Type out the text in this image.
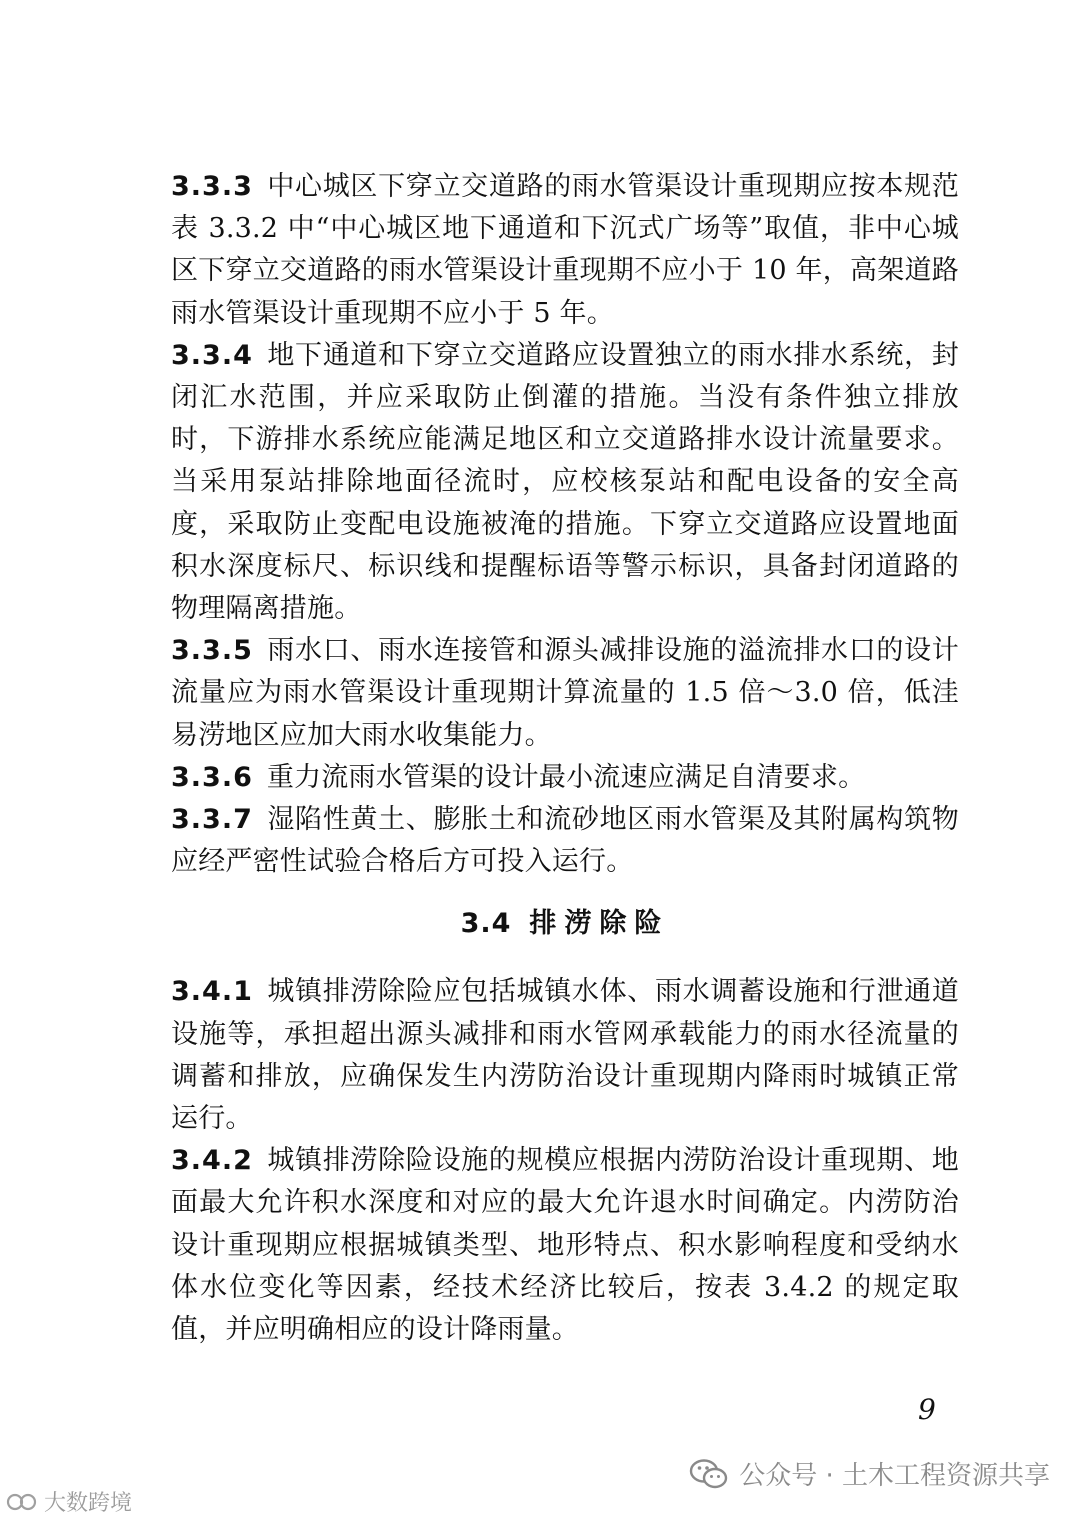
3.3.3 中心城区下穿立交道路的雨水管渠设计重现期应按本规范表 3.3.2 中“中心城区地下通道和下沉式广场等”取值，非中心城区下穿立交道路的雨水管渠设计重现期不应小于 10 年，高架道路雨水管渠设计重现期不应小于 5 年。

3.3.4 地下通道和下穿立交道路应设置独立的雨水排水系统，封闭汇水范围，并应采取防止倒灌的措施。当没有条件独立排放时，下游排水系统应能满足地区和立交道路排水设计流量要求。当采用泵站排除地面径流时，应校核泵站和配电设备的安全高度，采取防止变配电设施被淹的措施。下穿立交道路应设置地面积水深度标尺、标识线和提醒标语等警示标识，具备封闭道路的物理隔离措施。

3.3.5 雨水口、雨水连接管和源头减排设施的溢流排水口的设计流量应为雨水管渠设计重现期计算流量的 1.5 倍～3.0 倍，低洼易涝地区应加大雨水收集能力。

3.3.6 重力流雨水管渠的设计最小流速应满足自清要求。

3.3.7 湿陷性黄土、膨胀土和流砂地区雨水管渠及其附属构筑物应经严密性试验合格后方可投入运行。

3.4 排涝除险

3.4.1 城镇排涝除险应包括城镇水体、雨水调蓄设施和行泄通道设施等，承担超出源头减排和雨水管网承载能力的雨水径流量的调蓄和排放，应确保发生内涝防治设计重现期内降雨时城镇正常运行。

3.4.2 城镇排涝除险设施的规模应根据内涝防治设计重现期、地面最大允许积水深度和对应的最大允许退水时间确定。内涝防治设计重现期应根据城镇类型、地形特点、积水影响程度和受纳水体水位变化等因素，经技术经济比较后，按表 3.4.2 的规定取值，并应明确相应的设计降雨量。

9
公众号 · 土木工程资源共享
大数跨境
